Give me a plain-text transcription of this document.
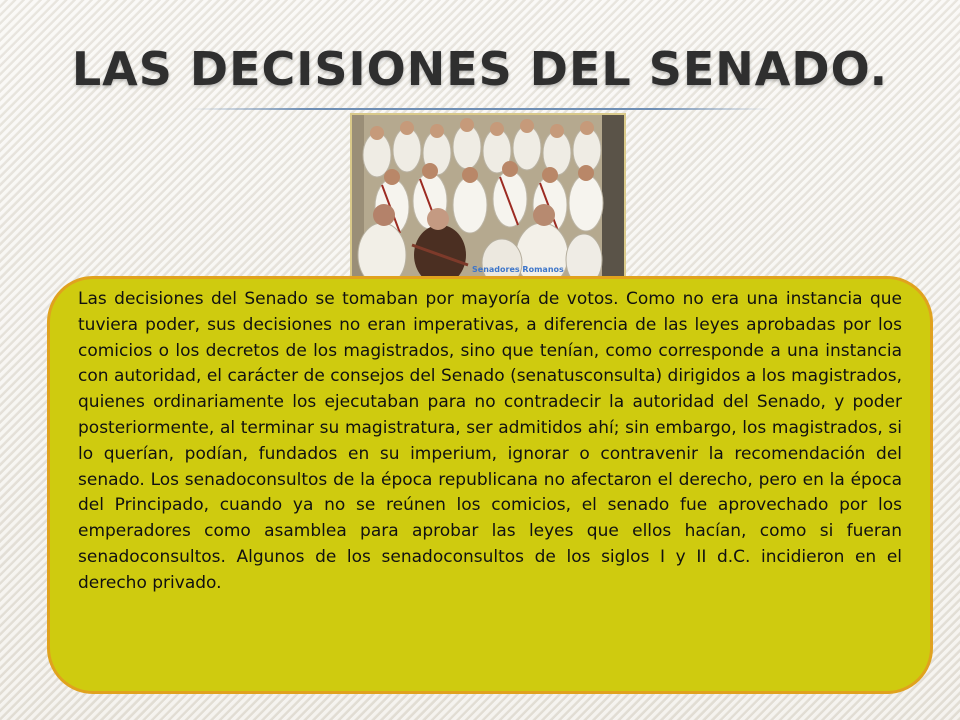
LAS DECISIONES DEL SENADO.
Senadores Romanos

Las decisiones del Senado se tomaban por mayoría de votos. Como no era una instancia que tuviera poder, sus decisiones no eran imperativas, a diferencia de las leyes aprobadas por los comicios o los decretos de los magistrados, sino que tenían, como corresponde a una instancia con autoridad, el carácter de consejos del Senado (senatusconsulta) dirigidos a los magistrados, quienes ordinariamente los ejecutaban para no contradecir la autoridad del Senado, y poder posteriormente, al terminar su magistratura, ser admitidos ahí; sin embargo, los magistrados, si lo querían, podían, fundados en su imperium, ignorar o contravenir la recomendación del senado. Los senadoconsultos de la época republicana no afectaron el derecho, pero en la época del Principado, cuando ya no se reúnen los comicios, el senado fue aprovechado por los emperadores como asamblea para aprobar las leyes que ellos hacían, como si fueran senadoconsultos. Algunos de los senadoconsultos de los siglos I y II d.C. incidieron en el derecho privado.
